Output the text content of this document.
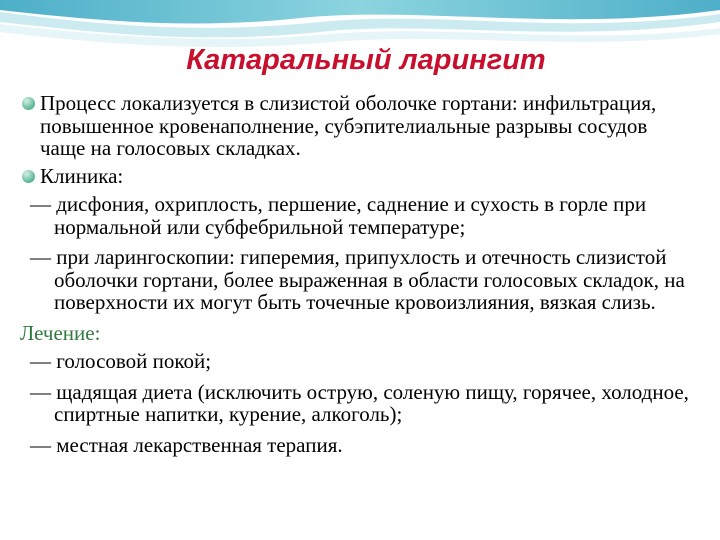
Катаральный ларингит
Процесс локализуется в слизистой оболочке гортани: инфильтрация, повышенное кровенаполнение, субэпителиальные разрывы сосудов чаще на голосовых складках.
Клиника:
— дисфония, охриплость, першение, саднение и сухость в горле при нормальной или субфебрильной температуре;
— при ларингоскопии: гиперемия, припухлость и отечность слизистой оболочки гортани, более выраженная в области голосовых складок, на поверхности их могут быть точечные кровоизлияния, вязкая слизь.
Лечение:
— голосовой покой;
— щадящая диета (исключить острую, соленую пищу, горячее, холодное, спиртные напитки, курение, алкоголь);
— местная лекарственная терапия.
